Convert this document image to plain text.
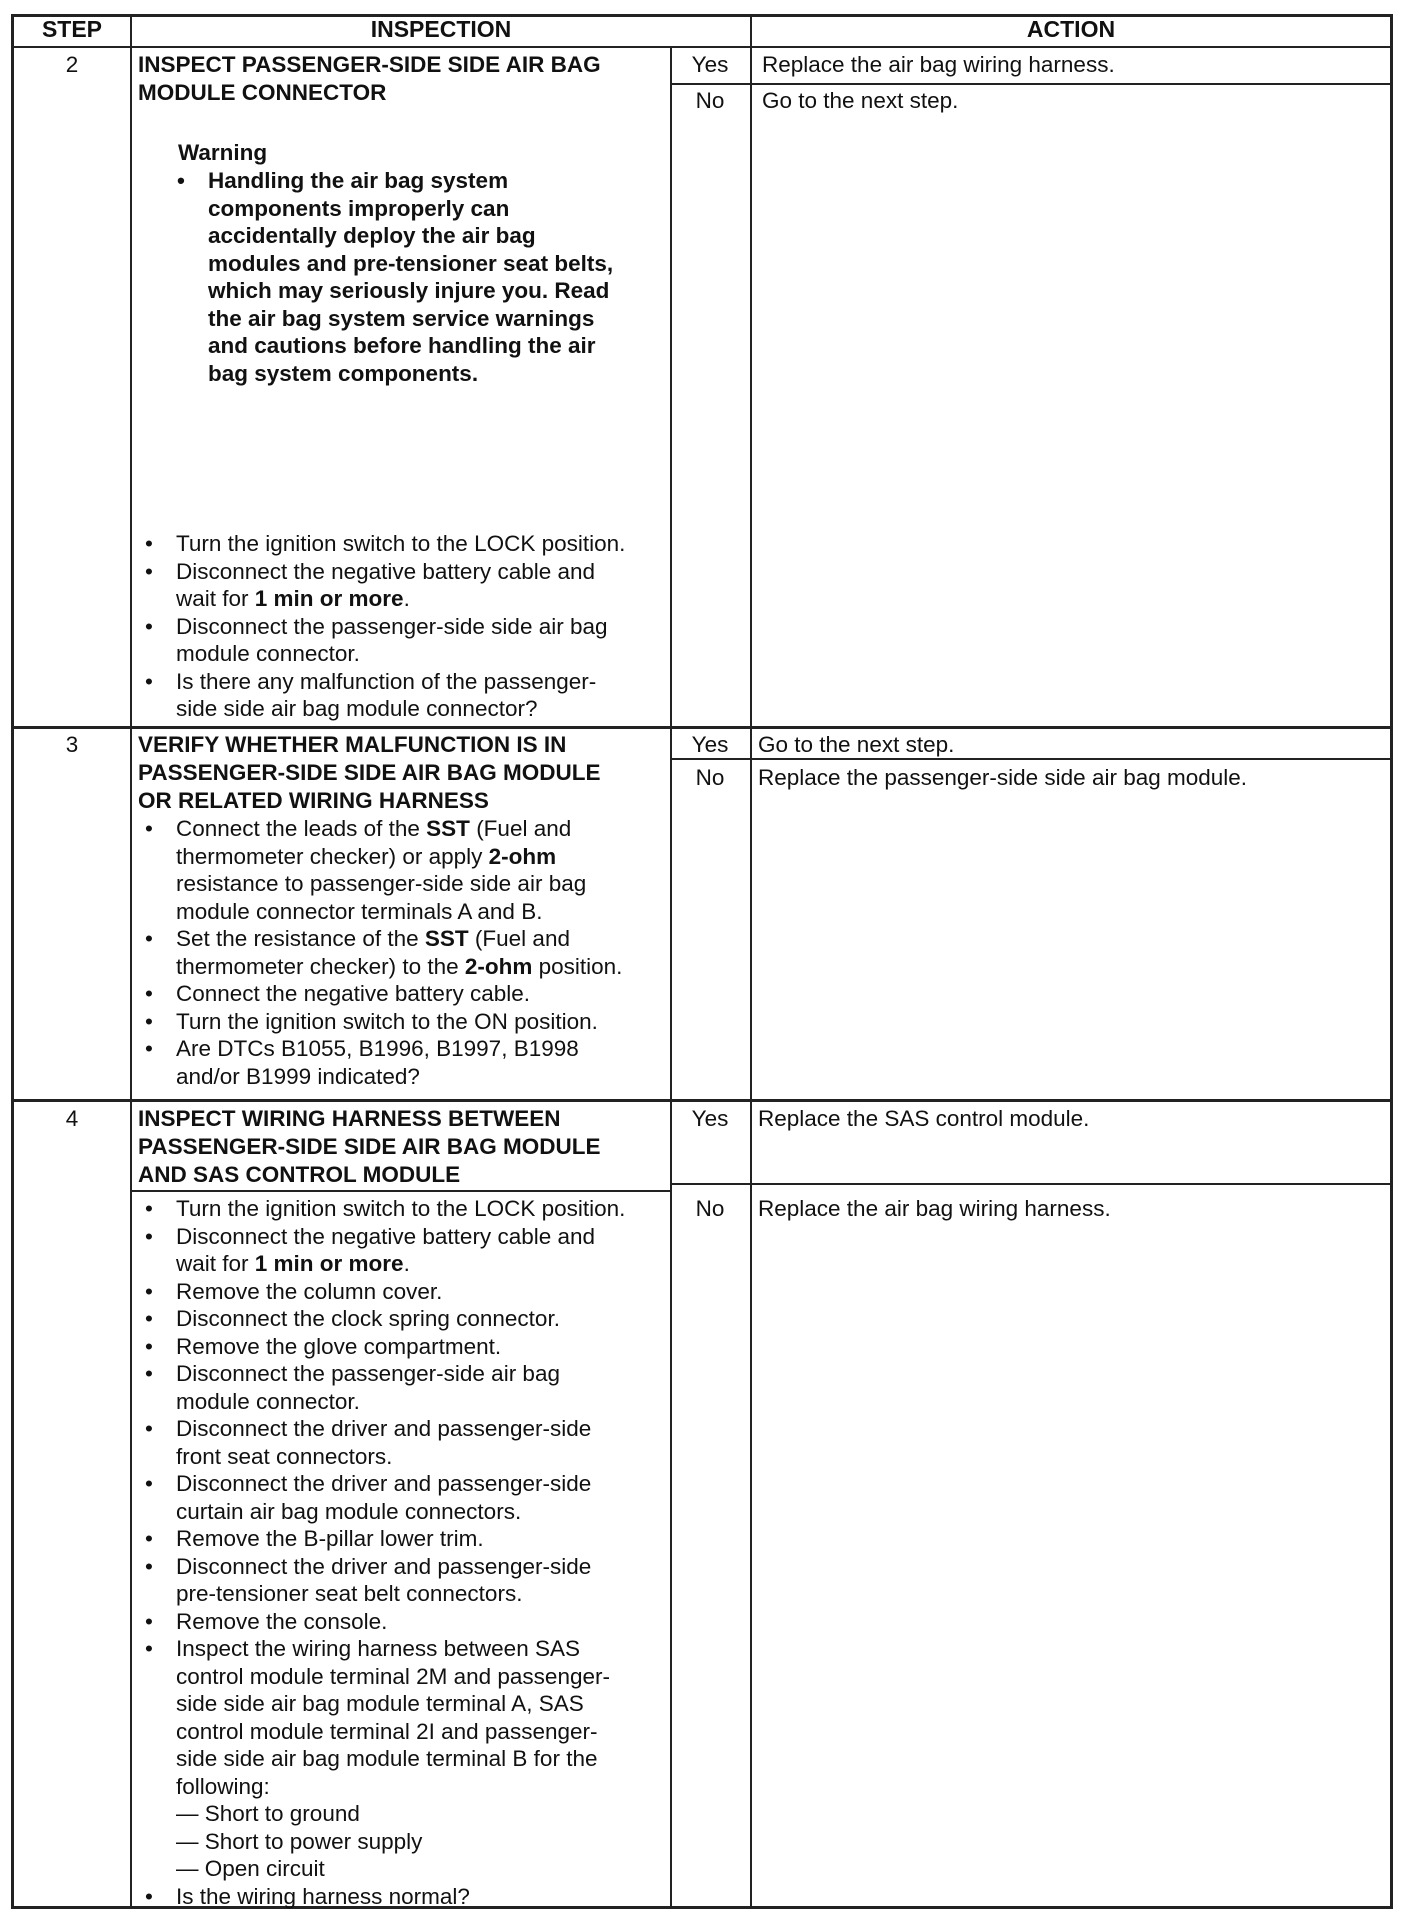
STEP	INSPECTION	ACTION
2	INSPECT PASSENGER-SIDE SIDE AIR BAG
MODULE CONNECTOR
Warning
• Handling the air bag system
components improperly can
accidentally deploy the air bag
modules and pre-tensioner seat belts,
which may seriously injure you. Read
the air bag system service warnings
and cautions before handling the air
bag system components.
• Turn the ignition switch to the LOCK position.
• Disconnect the negative battery cable and
wait for 1 min or more.
• Disconnect the passenger-side side air bag
module connector.
• Is there any malfunction of the passenger-
side side air bag module connector?
Yes	Replace the air bag wiring harness.
No	Go to the next step.
3	VERIFY WHETHER MALFUNCTION IS IN
PASSENGER-SIDE SIDE AIR BAG MODULE
OR RELATED WIRING HARNESS
• Connect the leads of the SST (Fuel and
thermometer checker) or apply 2-ohm
resistance to passenger-side side air bag
module connector terminals A and B.
• Set the resistance of the SST (Fuel and
thermometer checker) to the 2-ohm position.
• Connect the negative battery cable.
• Turn the ignition switch to the ON position.
• Are DTCs B1055, B1996, B1997, B1998
and/or B1999 indicated?
Yes	Go to the next step.
No	Replace the passenger-side side air bag module.
4	INSPECT WIRING HARNESS BETWEEN
PASSENGER-SIDE SIDE AIR BAG MODULE
AND SAS CONTROL MODULE
• Turn the ignition switch to the LOCK position.
• Disconnect the negative battery cable and
wait for 1 min or more.
• Remove the column cover.
• Disconnect the clock spring connector.
• Remove the glove compartment.
• Disconnect the passenger-side air bag
module connector.
• Disconnect the driver and passenger-side
front seat connectors.
• Disconnect the driver and passenger-side
curtain air bag module connectors.
• Remove the B-pillar lower trim.
• Disconnect the driver and passenger-side
pre-tensioner seat belt connectors.
• Remove the console.
• Inspect the wiring harness between SAS
control module terminal 2M and passenger-
side side air bag module terminal A, SAS
control module terminal 2I and passenger-
side side air bag module terminal B for the
following:
— Short to ground
— Short to power supply
— Open circuit
• Is the wiring harness normal?
Yes	Replace the SAS control module.
No	Replace the air bag wiring harness.
